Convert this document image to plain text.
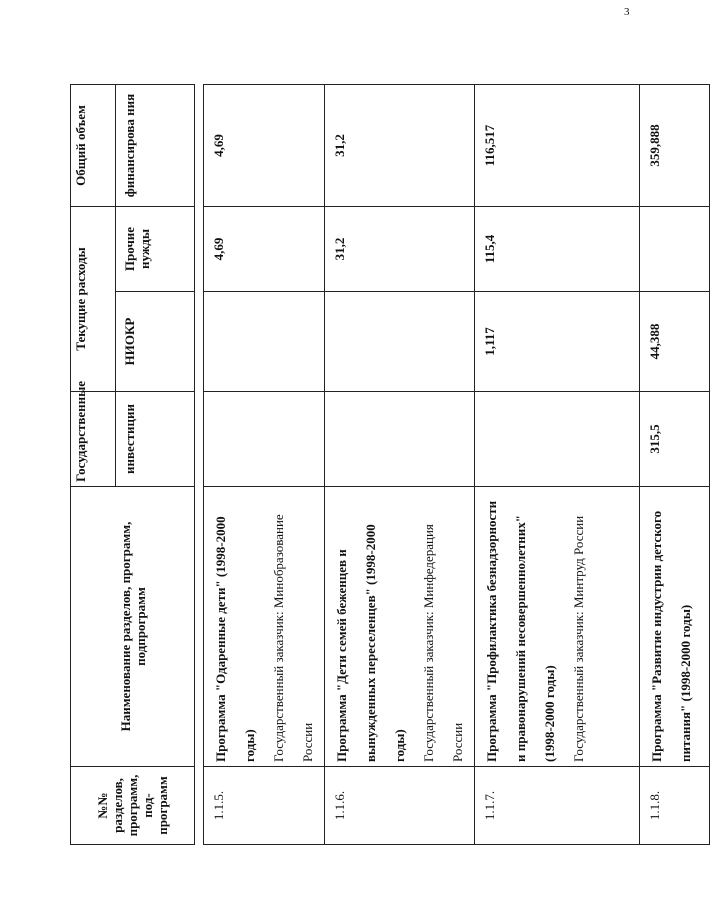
3
№№ разделов, программ, под-программ	Наименование разделов, программ, подпрограмм	Государственные	Текущие расходы		Общий объем
		инвестиции	НИОКР	Прочие нужды	финансирова ния

1.1.5.	Программа "Одаренные дети" (1998-2000 годы) Государственный заказчик: Минобразование России			4,69	4,69
1.1.6.	Программа "Дети семей беженцев и вынужденных переселенцев" (1998-2000 годы) Государственный заказчик: Минфедерация России			31,2	31,2
1.1.7.	Программа "Профилактика безнадзорности и правонарушений несовершеннолетних" (1998-2000 годы) Государственный заказчик: Минтруд России		1,117	115,4	116,517
1.1.8.	Программа "Развитие индустрии детского питания" (1998-2000 годы)	315,5	44,388		359,888
